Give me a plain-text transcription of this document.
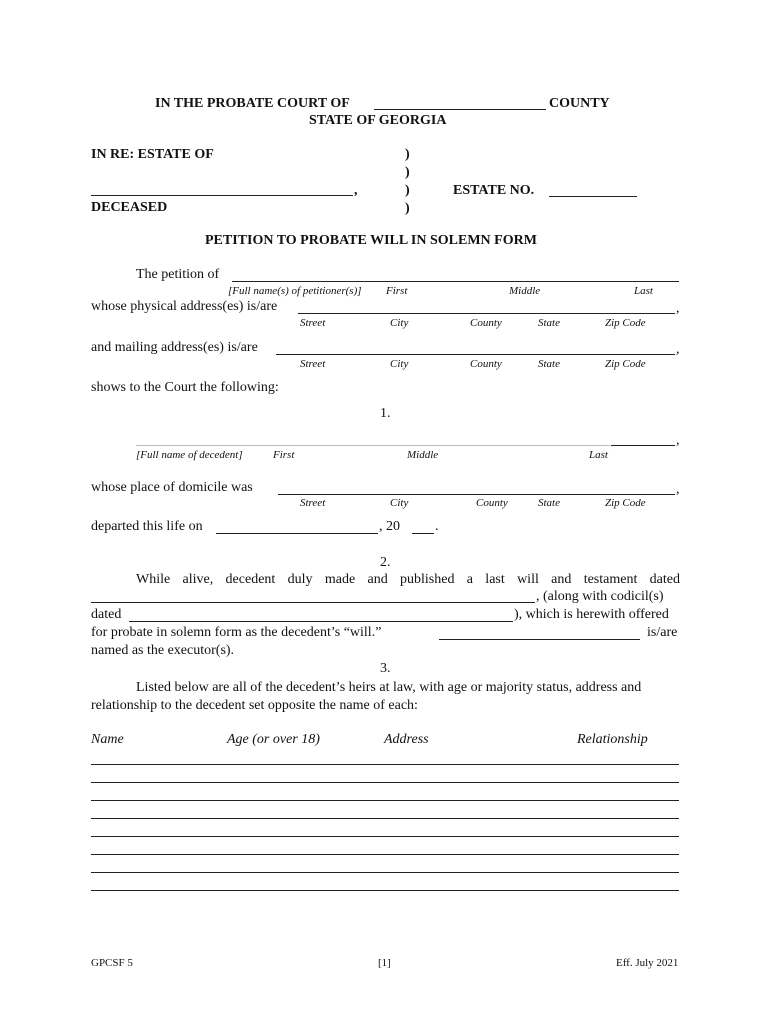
IN THE PROBATE COURT OF	COUNTY
STATE OF GEORGIA
IN RE: ESTATE OF
,
DECEASED
)
)
)
)
ESTATE NO.
PETITION TO PROBATE WILL IN SOLEMN FORM
The petition of
[Full name(s) of petitioner(s)] First	Middle	Last
whose physical address(es) is/are	,
Street	City	County	State	Zip Code
and mailing address(es) is/are	,
Street	City	County	State	Zip Code
shows to the Court the following:
1.
,
[Full name of decedent]	First	Middle	Last
whose place of domicile was	,
Street	City	County	State	Zip Code
departed this life on	, 20	.
2.
While alive, decedent duly made and published a last will and testament dated
, (along with codicil(s)
dated	), which is herewith offered
for probate in solemn form as the decedent’s “will.”	is/are
named as the executor(s).
3.
Listed below are all of the decedent’s heirs at law, with age or majority status, address and
relationship to the decedent set opposite the name of each:
Name	Age (or over 18)	Address	Relationship
GPCSF 5	[1]	Eff. July 2021
